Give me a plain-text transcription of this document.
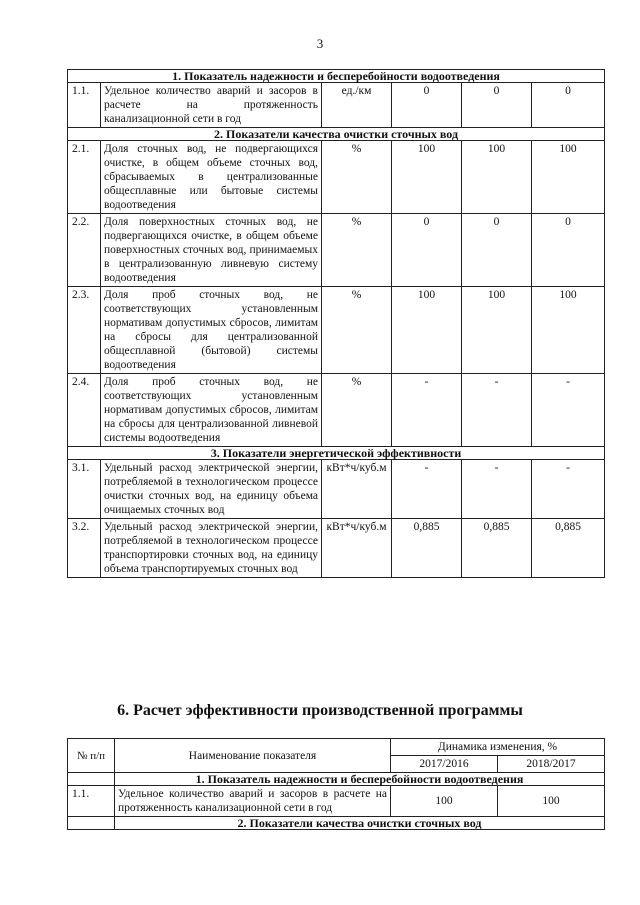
3
1. Показатель надежности и бесперебойности водоотведения					
1.1.	Удельное количество аварий и засоров в расчете на протяженность канализационной сети в год	ед./км	0	0	0
2. Показатели качества очистки сточных вод					
2.1.	Доля сточных вод, не подвергающихся очистке, в общем объеме сточных вод, сбрасываемых в централизованные общесплавные или бытовые системы водоотведения	%	100	100	100
2.2.	Доля поверхностных сточных вод, не подвергающихся очистке, в общем объеме поверхностных сточных вод, принимаемых в централизованную ливневую систему водоотведения	%	0	0	0
2.3.	Доля проб сточных вод, не соответствующих установленным нормативам допустимых сбросов, лимитам на сбросы для централизованной общесплавной (бытовой) системы водоотведения	%	100	100	100
2.4.	Доля проб сточных вод, не соответствующих установленным нормативам допустимых сбросов, лимитам на сбросы для централизованной ливневой системы водоотведения	%	-	-	-
3. Показатели энергетической эффективности					
3.1.	Удельный расход электрической энергии, потребляемой в технологическом процессе очистки сточных вод, на единицу объема очищаемых сточных вод	кВт*ч/куб.м	-	-	-
3.2.	Удельный расход электрической энергии, потребляемой в технологическом процессе транспортировки сточных вод, на единицу объема транспортируемых сточных вод	кВт*ч/куб.м	0,885	0,885	0,885
6. Расчет эффективности производственной программы
№ п/п	Наименование показателя	Динамика изменения, %	
		2017/2016	2018/2017
	1. Показатель надежности и бесперебойности водоотведения		
1.1.	Удельное количество аварий и засоров в расчете на протяженность канализационной сети в год	100	100
	2. Показатели качества очистки сточных вод		
